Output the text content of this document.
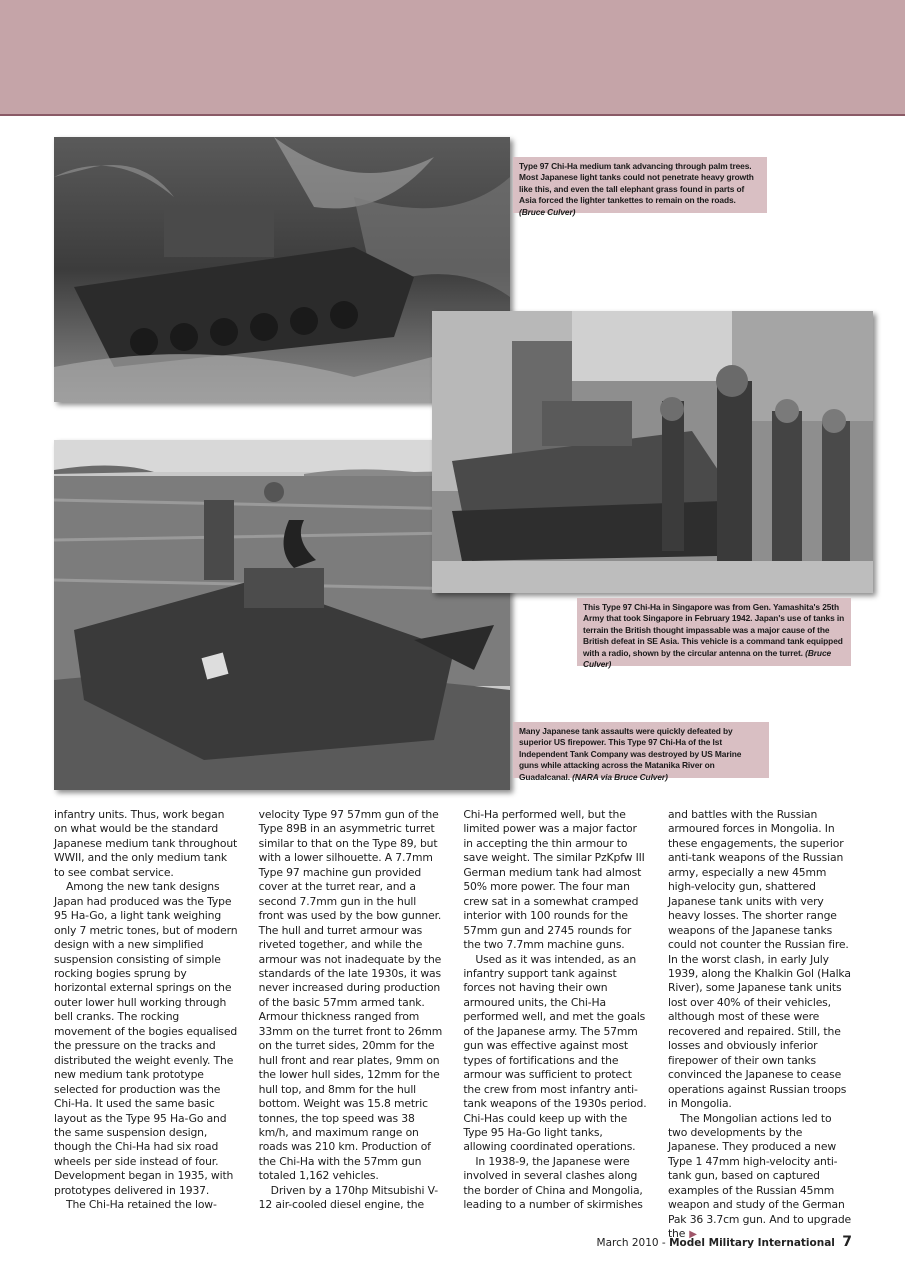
Type 97 Chi-Ha medium tank advancing through palm trees. Most Japanese light tanks could not penetrate heavy growth like this, and even the tall elephant grass found in parts of Asia forced the lighter tankettes to remain on the roads. (Bruce Culver)
This Type 97 Chi-Ha in Singapore was from Gen. Yamashita's 25th Army that took Singapore in February 1942. Japan's use of tanks in terrain the British thought impassable was a major cause of the British defeat in SE Asia. This vehicle is a command tank equipped with a radio, shown by the circular antenna on the turret. (Bruce Culver)
Many Japanese tank assaults were quickly defeated by superior US firepower. This Type 97 Chi-Ha of the Ist Independent Tank Company was destroyed by US Marine guns while attacking across the Matanika River on Guadalcanal. (NARA via Bruce Culver)

infantry units. Thus, work began on what would be the standard Japanese medium tank throughout WWII, and the only medium tank to see combat service.

Among the new tank designs Japan had produced was the Type 95 Ha-Go, a light tank weighing only 7 metric tones, but of modern design with a new simplified suspension consisting of simple rocking bogies sprung by horizontal external springs on the outer lower hull working through bell cranks. The rocking movement of the bogies equalised the pressure on the tracks and distributed the weight evenly. The new medium tank prototype selected for production was the Chi-Ha. It used the same basic layout as the Type 95 Ha-Go and the same suspension design, though the Chi-Ha had six road wheels per side instead of four. Development began in 1935, with prototypes delivered in 1937.

The Chi-Ha retained the low-

velocity Type 97 57mm gun of the Type 89B in an asymmetric turret similar to that on the Type 89, but with a lower silhouette. A 7.7mm Type 97 machine gun provided cover at the turret rear, and a second 7.7mm gun in the hull front was used by the bow gunner. The hull and turret armour was riveted together, and while the armour was not inadequate by the standards of the late 1930s, it was never increased during production of the basic 57mm armed tank. Armour thickness ranged from 33mm on the turret front to 26mm on the turret sides, 20mm for the hull front and rear plates, 9mm on the lower hull sides, 12mm for the hull top, and 8mm for the hull bottom. Weight was 15.8 metric tonnes, the top speed was 38 km/h, and maximum range on roads was 210 km. Production of the Chi-Ha with the 57mm gun totaled 1,162 vehicles.

Driven by a 170hp Mitsubishi V-12 air-cooled diesel engine, the

Chi-Ha performed well, but the limited power was a major factor in accepting the thin armour to save weight. The similar PzKpfw III German medium tank had almost 50% more power. The four man crew sat in a somewhat cramped interior with 100 rounds for the 57mm gun and 2745 rounds for the two 7.7mm machine guns.

Used as it was intended, as an infantry support tank against forces not having their own armoured units, the Chi-Ha performed well, and met the goals of the Japanese army. The 57mm gun was effective against most types of fortifications and the armour was sufficient to protect the crew from most infantry anti-tank weapons of the 1930s period. Chi-Has could keep up with the Type 95 Ha-Go light tanks, allowing coordinated operations.

In 1938-9, the Japanese were involved in several clashes along the border of China and Mongolia, leading to a number of skirmishes

and battles with the Russian armoured forces in Mongolia. In these engagements, the superior anti-tank weapons of the Russian army, especially a new 45mm high-velocity gun, shattered Japanese tank units with very heavy losses. The shorter range weapons of the Japanese tanks could not counter the Russian fire. In the worst clash, in early July 1939, along the Khalkin Gol (Halka River), some Japanese tank units lost over 40% of their vehicles, although most of these were recovered and repaired. Still, the losses and obviously inferior firepower of their own tanks convinced the Japanese to cease operations against Russian troops in Mongolia.

The Mongolian actions led to two developments by the Japanese. They produced a new Type 1 47mm high-velocity anti-tank gun, based on captured examples of the Russian 45mm weapon and study of the German Pak 36 3.7cm gun. And to upgrade the ▶

March 2010 - Model Military International 7
